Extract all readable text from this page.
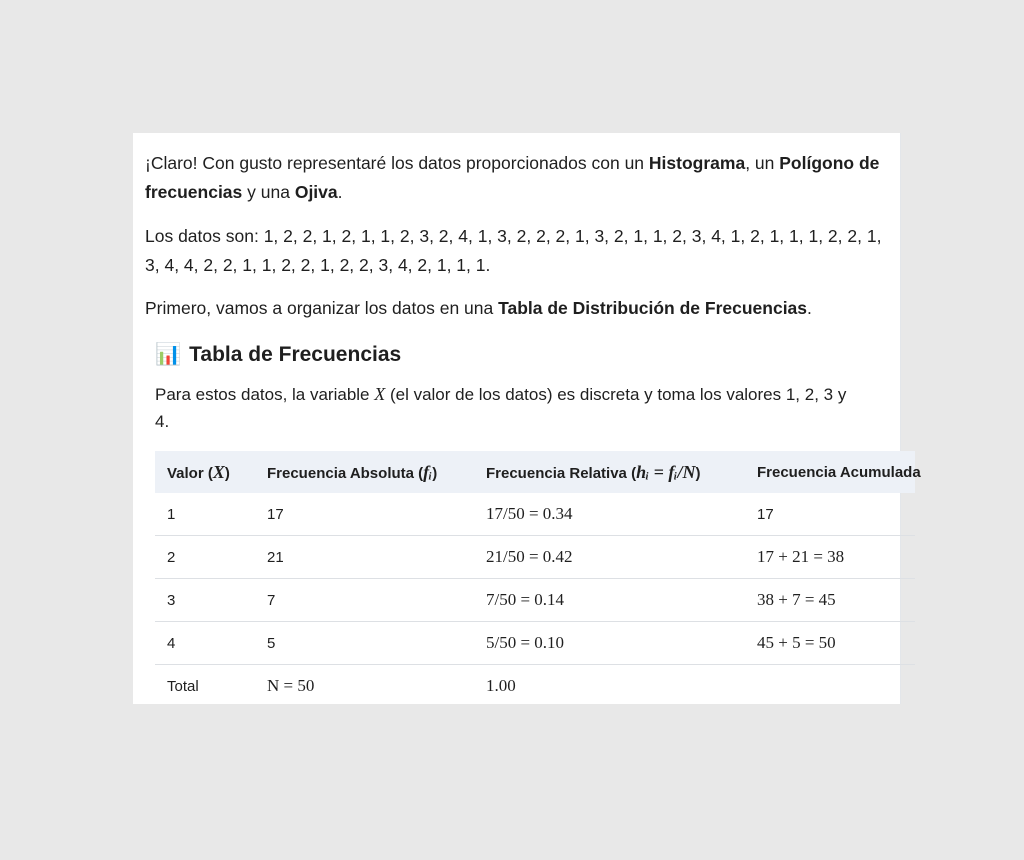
¡Claro! Con gusto representaré los datos proporcionados con un Histograma, un Polígono de frecuencias y una Ojiva.

Los datos son: 1, 2, 2, 1, 2, 1, 1, 2, 3, 2, 4, 1, 3, 2, 2, 2, 1, 3, 2, 1, 1, 2, 3, 4, 1, 2, 1, 1, 1, 2, 2, 1, 3, 4, 4, 2, 2, 1, 1, 2, 2, 1, 2, 2, 3, 4, 2, 1, 1, 1.

Primero, vamos a organizar los datos en una Tabla de Distribución de Frecuencias.

📊 Tabla de Frecuencias

Para estos datos, la variable X (el valor de los datos) es discreta y toma los valores 1, 2, 3 y 4.

Valor (X)	Frecuencia Absoluta (fᵢ)	Frecuencia Relativa (hᵢ = fᵢ/N)	Frecuencia Acumulada
1	17	17/50 = 0.34	17
2	21	21/50 = 0.42	17 + 21 = 38
3	7	7/50 = 0.14	38 + 7 = 45
4	5	5/50 = 0.10	45 + 5 = 50
Total	N = 50	1.00	
